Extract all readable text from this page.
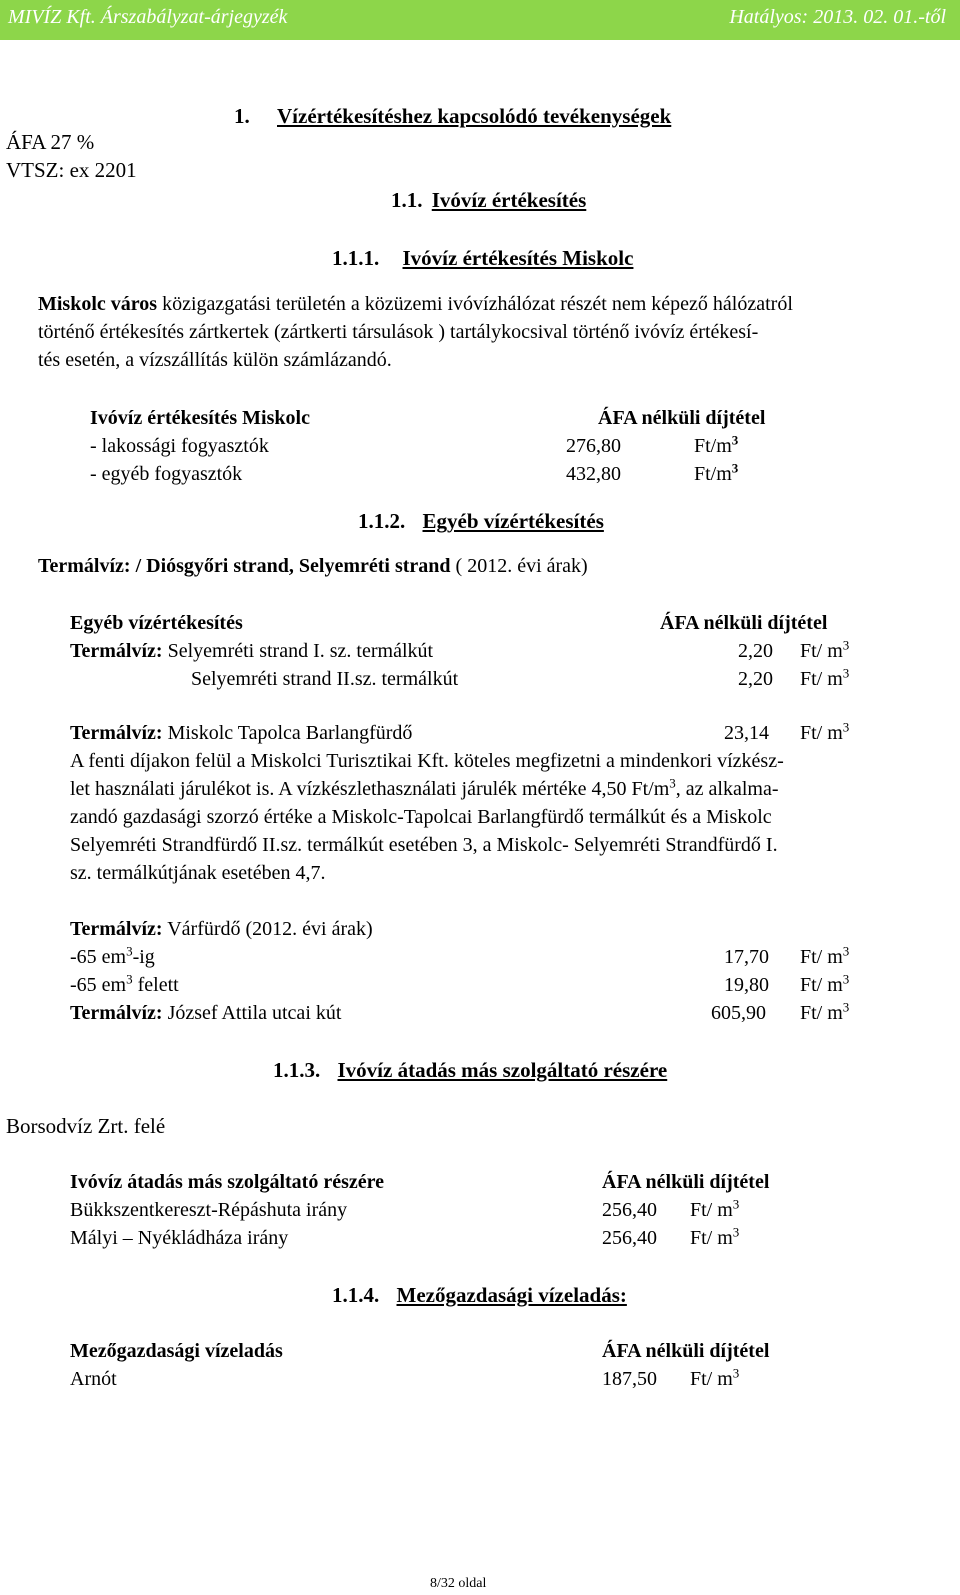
MIVÍZ Kft. Árszabályzat-árjegyzék	Hatályos: 2013. 02. 01.-től
ÁFA 27 %
VTSZ: ex 2201
1. Vízértékesítéshez kapcsolódó tevékenységek
1.1. Ivóvíz értékesítés
1.1.1. Ivóvíz értékesítés Miskolc
Miskolc város közigazgatási területén a közüzemi ivóvízhálózat részét nem képező hálózatról
történő értékesítés zártkertek (zártkerti társulások ) tartálykocsival történő ivóvíz értékesí-
tés esetén, a vízszállítás külön számlázandó.
Ivóvíz értékesítés Miskolc	ÁFA nélküli díjtétel
- lakossági fogyasztók	276,80	$Ft/m^3$
- egyéb fogyasztók	432,80	$Ft/m^3$
1.1.2. Egyéb vízértékesítés
Termálvíz: / Diósgyőri strand, Selyemréti strand ( 2012. évi árak)
Egyéb vízértékesítés	ÁFA nélküli díjtétel
Termálvíz: Selyemréti strand I. sz. termálkút	2,20 Ft/ $m^3$
Selyemréti strand II.sz. termálkút	2,20 Ft/ $m^3$
Termálvíz: Miskolc Tapolca Barlangfürdő	23,14 Ft/ $m^3$
A fenti díjakon felül a Miskolci Turisztikai Kft. köteles megfizetni a mindenkori vízkész-
let használati járulékot is. A vízkészlethasználati járulék mértéke 4,50 $Ft/m^3$, az alkalma-
zandó gazdasági szorzó értéke a Miskolc-Tapolcai Barlangfürdő termálkút és a Miskolc
Selyemréti Strandfürdő II.sz. termálkút esetében 3, a Miskolc- Selyemréti Strandfürdő I.
sz. termálkútjának esetében 4,7.
Termálvíz: Várfürdő (2012. évi árak)
-65 $em^3-ig$	17,70 Ft/ $m^3$
-65 $em^3$ felett	19,80 Ft/ $m^3$
Termálvíz: József Attila utcai kút	605,90 Ft/ $m^3$
1.1.3. Ivóvíz átadás más szolgáltató részére
Borsodvíz Zrt. felé
Ivóvíz átadás más szolgáltató részére	ÁFA nélküli díjtétel
Bükkszentkereszt-Répáshuta irány	256,40 Ft/ $m^3$
Mályi – Nyékládháza irány	256,40 Ft/ $m^3$
1.1.4. Mezőgazdasági vízeladás:
Mezőgazdasági vízeladás	ÁFA nélküli díjtétel
Arnót	187,50 Ft/ $m^3$
8/32 oldal
